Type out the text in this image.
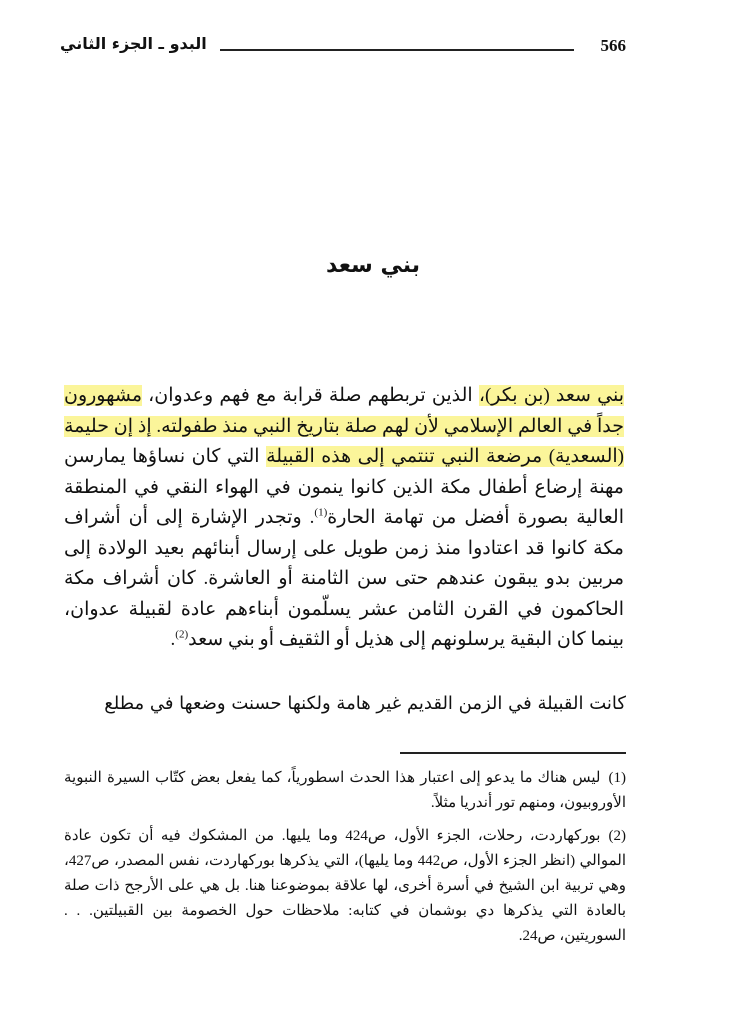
566
البدو ـ الجزء الثاني
بني سعد
بني سعد (بن بكر)، الذين تربطهم صلة قرابة مع فهم وعدوان، مشهورون جداً في العالم الإسلامي لأن لهم صلة بتاريخ النبي منذ طفولته. إذ إن حليمة (السعدية) مرضعة النبي تنتمي إلى هذه القبيلة التي كان نساؤها يمارسن مهنة إرضاع أطفال مكة الذين كانوا ينمون في الهواء النقي في المنطقة العالية بصورة أفضل من تهامة الحارة$^{(1)}$. وتجدر الإشارة إلى أن أشراف مكة كانوا قد اعتادوا منذ زمن طويل على إرسال أبنائهم بعيد الولادة إلى مربين بدو يبقون عندهم حتى سن الثامنة أو العاشرة. كان أشراف مكة الحاكمون في القرن الثامن عشر يسلّمون أبناءهم عادة لقبيلة عدوان، بينما كان البقية يرسلونهم إلى هذيل أو الثقيف أو بني سعد$^{(2)}$.
كانت القبيلة في الزمن القديم غير هامة ولكنها حسنت وضعها في مطلع
(1)ليس هناك ما يدعو إلى اعتبار هذا الحدث اسطورياً، كما يفعل بعض كتّاب السيرة النبوية الأوروبيون، ومنهم تور أندريا مثلاً.
(2)بوركهاردت، رحلات، الجزء الأول، ص424 وما يليها. من المشكوك فيه أن تكون عادة الموالي (انظر الجزء الأول، ص442 وما يليها)، التي يذكرها بوركهاردت، نفس المصدر، ص427، وهي تربية ابن الشيخ في أسرة أخرى، لها علاقة بموضوعنا هنا. بل هي على الأرجح ذات صلة بالعادة التي يذكرها دي بوشمان في كتابه: ملاحظات حول الخصومة بين القبيلتين. . . السوريتين، ص24.
